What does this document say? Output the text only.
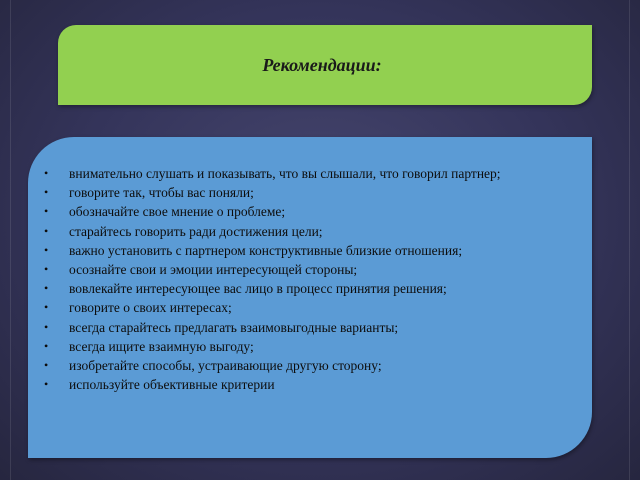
Рекомендации:
• внимательно слушать и показывать, что вы слышали, что говорил партнер;
• говорите так, чтобы вас поняли;
• обозначайте свое мнение о проблеме;
• старайтесь говорить ради достижения цели;
• важно установить с партнером конструктивные близкие отношения;
• осознайте свои и эмоции интересующей стороны;
• вовлекайте интересующее вас лицо в процесс принятия решения;
• говорите о своих интересах;
• всегда старайтесь предлагать взаимовыгодные варианты;
• всегда ищите взаимную выгоду;
• изобретайте способы, устраивающие другую сторону;
• используйте объективные критерии
